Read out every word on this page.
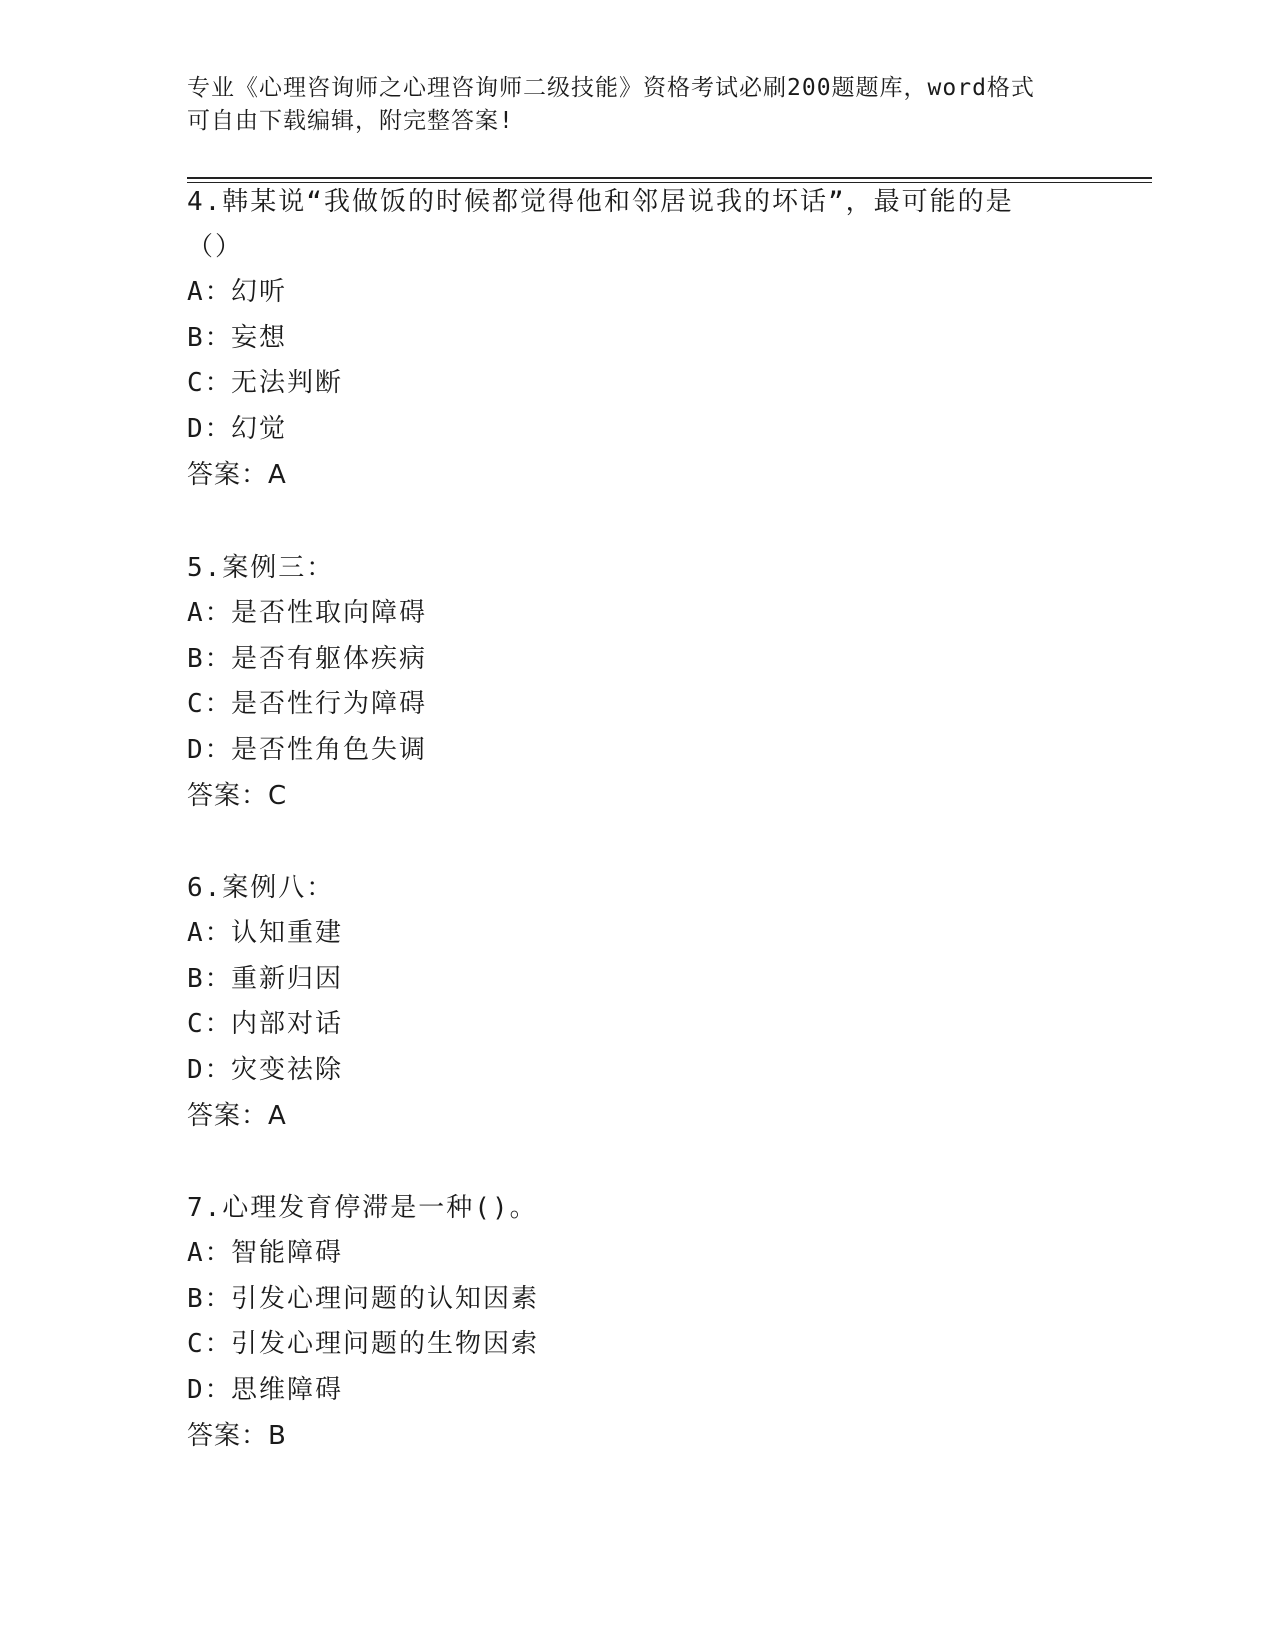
专业《心理咨询师之心理咨询师二级技能》资格考试必刷200题题库，word格式
可自由下载编辑，附完整答案!
4.韩某说“我做饭的时候都觉得他和邻居说我的坏话”，最可能的是
（）
A：幻听
B：妄想
C：无法判断
D：幻觉
答案：A
5.案例三：
A：是否性取向障碍
B：是否有躯体疾病
C：是否性行为障碍
D：是否性角色失调
答案：C
6.案例八：
A：认知重建
B：重新归因
C：内部对话
D：灾变祛除
答案：A
7.心理发育停滞是一种()。
A：智能障碍
B：引发心理问题的认知因素
C：引发心理问题的生物因索
D：思维障碍
答案：B
